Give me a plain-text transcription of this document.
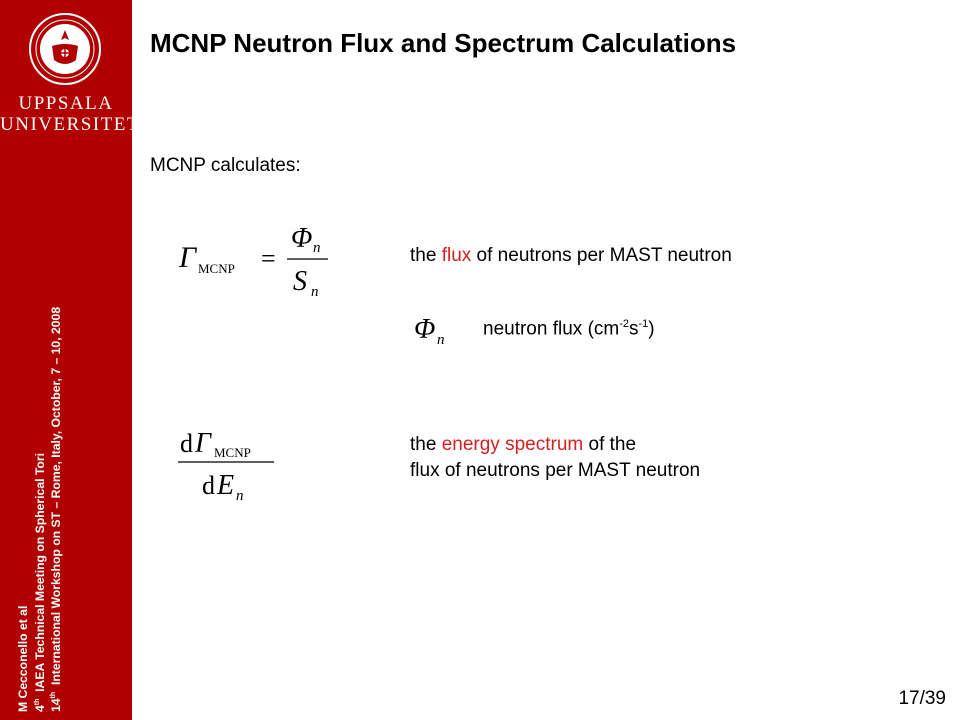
UPPSALA
UNIVERSITET
M Cecconello et al 4th  IAEA Technical Meeting on Spherical Tori
14th  International Workshop on ST – Rome, Italy, October, 7 – 10, 2008
MCNP Neutron Flux and Spectrum Calculations
MCNP calculates:
Γ MCNP =
Φ n
S n
the flux of neutrons per MAST neutron
Φ n
neutron flux $(cm^{-2}s^{-1})$
d Γ MCNP
d E n
the energy spectrum of the
flux of neutrons per MAST neutron
17/39
